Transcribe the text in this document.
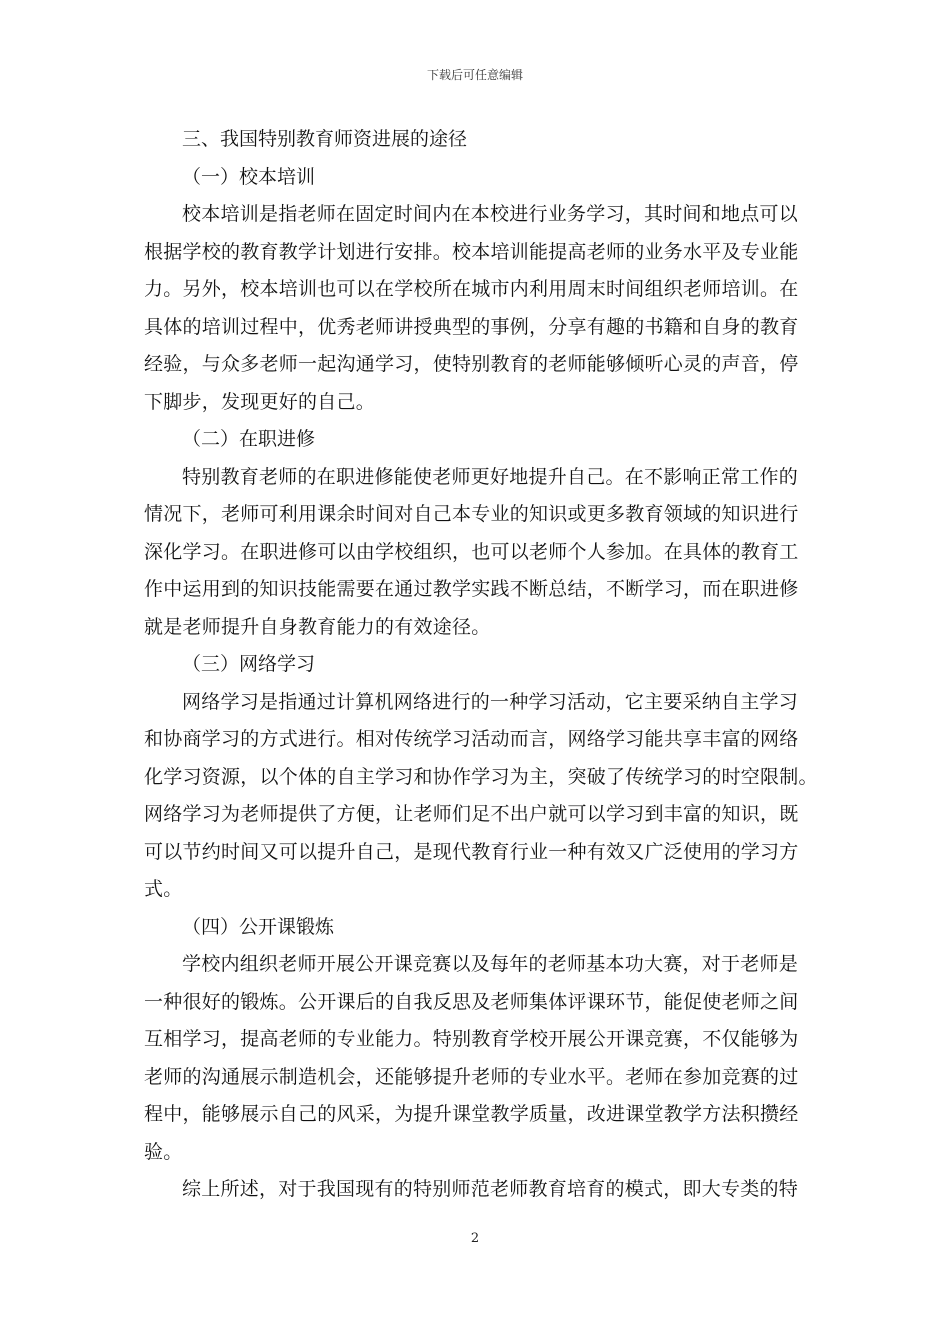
下载后可任意编辑
三、我国特别教育师资进展的途径
（一）校本培训

校本培训是指老师在固定时间内在本校进行业务学习，其时间和地点可以

根据学校的教育教学计划进行安排。校本培训能提高老师的业务水平及专业能

力。另外，校本培训也可以在学校所在城市内利用周末时间组织老师培训。在

具体的培训过程中，优秀老师讲授典型的事例，分享有趣的书籍和自身的教育

经验，与众多老师一起沟通学习，使特别教育的老师能够倾听心灵的声音，停

下脚步，发现更好的自己。

（二）在职进修

特别教育老师的在职进修能使老师更好地提升自己。在不影响正常工作的

情况下，老师可利用课余时间对自己本专业的知识或更多教育领域的知识进行

深化学习。在职进修可以由学校组织，也可以老师个人参加。在具体的教育工

作中运用到的知识技能需要在通过教学实践不断总结，不断学习，而在职进修

就是老师提升自身教育能力的有效途径。

（三）网络学习

网络学习是指通过计算机网络进行的一种学习活动，它主要采纳自主学习

和协商学习的方式进行。相对传统学习活动而言，网络学习能共享丰富的网络

化学习资源，以个体的自主学习和协作学习为主，突破了传统学习的时空限制。

网络学习为老师提供了方便，让老师们足不出户就可以学习到丰富的知识，既

可以节约时间又可以提升自己，是现代教育行业一种有效又广泛使用的学习方

式。

（四）公开课锻炼

学校内组织老师开展公开课竞赛以及每年的老师基本功大赛，对于老师是

一种很好的锻炼。公开课后的自我反思及老师集体评课环节，能促使老师之间

互相学习，提高老师的专业能力。特别教育学校开展公开课竞赛，不仅能够为

老师的沟通展示制造机会，还能够提升老师的专业水平。老师在参加竞赛的过

程中，能够展示自己的风采，为提升课堂教学质量，改进课堂教学方法积攒经

验。

综上所述，对于我国现有的特别师范老师教育培育的模式，即大专类的特

2
